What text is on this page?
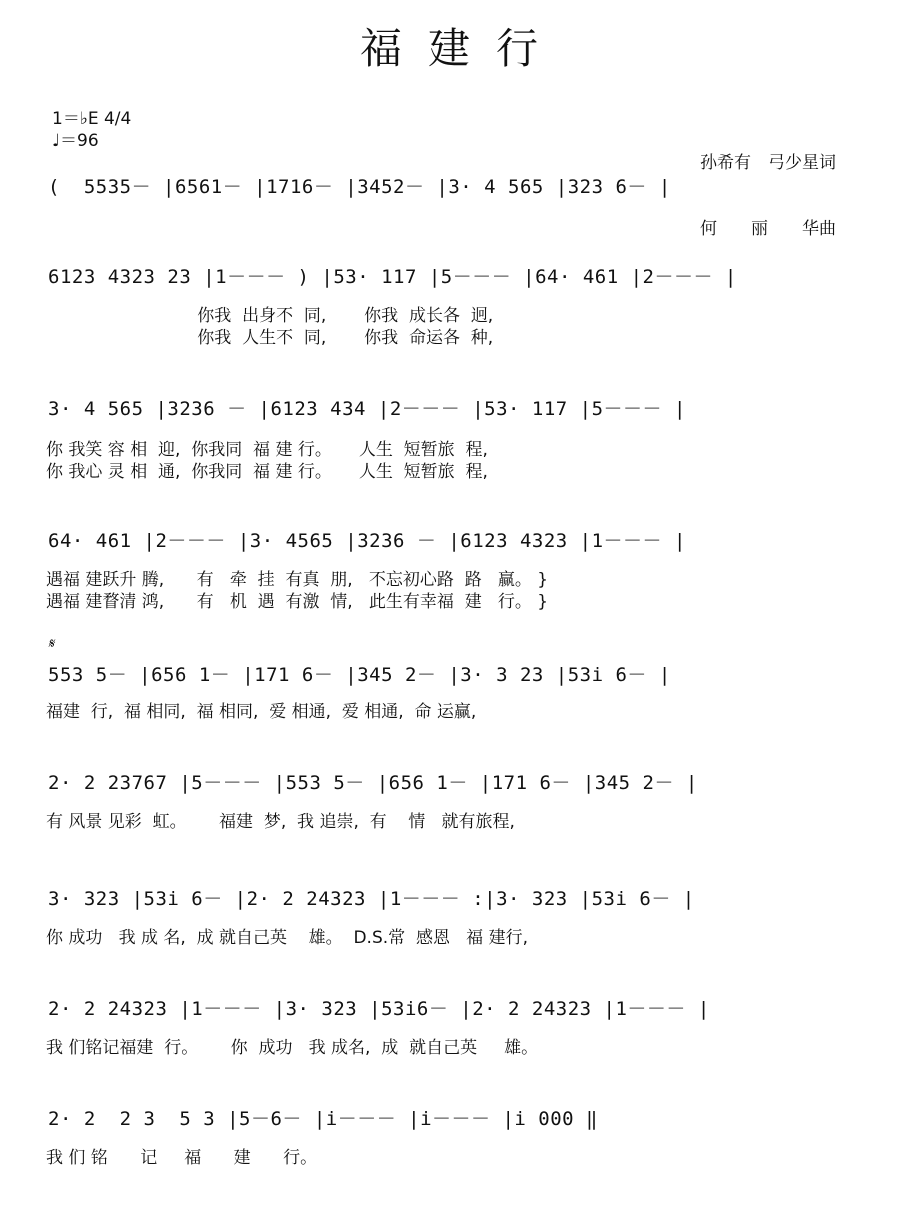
福建行
1＝♭E 4/4
♩＝96

孙希有　弓少星词

何　　丽　　华曲

𝄋
(  5535－ |6561－ |1716－ |3452－ |3· 4 565 |323 6－ |
6123 4323 23 |1－－－ ) |53· 117 |5－－－ |64· 461 |2－－－ |
你我  出身不  同,       你我  成长各  迥,
你我  人生不  同,       你我  命运各  种,
3· 4 565 |3236 － |6123 434 |2－－－ |53· 117 |5－－－ |
你 我笑 容 相  迎,  你我同  福 建 行。     人生  短暂旅  程,
你 我心 灵 相  通,  你我同  福 建 行。     人生  短暂旅  程,
64· 461 |2－－－ |3· 4565 |3236 － |6123 4323 |1－－－ |
遇福 建跃升 腾,      有   牵  挂  有真  朋,   不忘初心路  路   赢。 }
遇福 建瞀清 鸿,      有   机  遇  有激  情,   此生有幸福  建   行。 }
553 5－ |656 1－ |171 6－ |345 2－ |3· 3 23 |53i 6－ |
福建  行,  福 相同,  福 相同,  爱 相通,  爱 相通,  命 运赢,
2· 2 23767 |5－－－ |553 5－ |656 1－ |171 6－ |345 2－ |
有 风景 见彩  虹。      福建  梦,  我 追崇,  有    情   就有旅程,
3· 323 |53i 6－ |2· 2 24323 |1－－－ :|3· 323 |53i 6－ |
你 成功   我 成 名,  成 就自己英    雄。  D.S.常  感恩   福 建行,
2· 2 24323 |1－－－ |3· 323 |53i6－ |2· 2 24323 |1－－－ |
我 们铭记福建  行。      你  成功   我 成名,  成  就自己英     雄。
2· 2  2 3  5 3 |5－6－ |i－－－ |i－－－ |i 000 ‖
我 们 铭      记     福      建      行。
